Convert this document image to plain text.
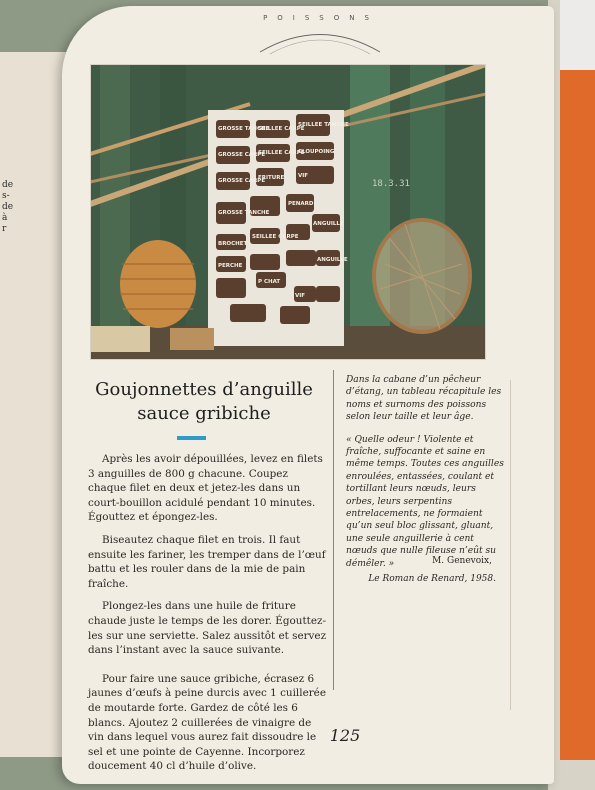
de
s-
de
à
r
POISSONS
GROSSE TANCHE
SEILLEE CARPE
GROSSE CARPE
SEILLEE TANCHE
SEILLEE CARPE
CLOUPOING
FRITURE
GROSSE CARPE
VIF
GROSSE TANCHE
PENARD
ANGUILLE
BROCHET
SEILLEE CARPE
PERCHE
ANGUILLE
P CHAT
VIF
18.3.31
Goujonnettes d’anguille
sauce gribiche

Après les avoir dépouillées, levez en filets 3 anguilles de 800 g chacune. Coupez chaque filet en deux et jetez-les dans un court-bouillon acidulé pendant 10 minutes. Égouttez et épongez-les.

Biseautez chaque filet en trois. Il faut ensuite les fariner, les tremper dans de l’œuf battu et les rouler dans de la mie de pain fraîche.

Plongez-les dans une huile de friture chaude juste le temps de les dorer. Égouttez-les sur une serviette. Salez aussitôt et servez dans l’instant avec la sauce suivante.

Pour faire une sauce gribiche, écrasez 6 jaunes d’œufs à peine durcis avec 1 cuillerée de moutarde forte. Gardez de côté les 6 blancs. Ajoutez 2 cuillerées de vinaigre de vin dans lequel vous aurez fait dissoudre le sel et une pointe de Cayenne. Incorporez doucement 40 cl d’huile d’olive.

Dans la cabane d’un pêcheur d’étang, un tableau récapitule les noms et surnoms des poissons selon leur taille et leur âge.

« Quelle odeur ! Violente et fraîche, suffocante et saine en même temps. Toutes ces anguilles enroulées, entassées, coulant et tortillant leurs nœuds, leurs orbes, leurs serpentins entrelacements, ne formaient qu’un seul bloc glissant, gluant, une seule anguillerie à cent nœuds que nulle fileuse n’eût su démêler. »	M. Genevoix,
Le Roman de Renard, 1958.
125
